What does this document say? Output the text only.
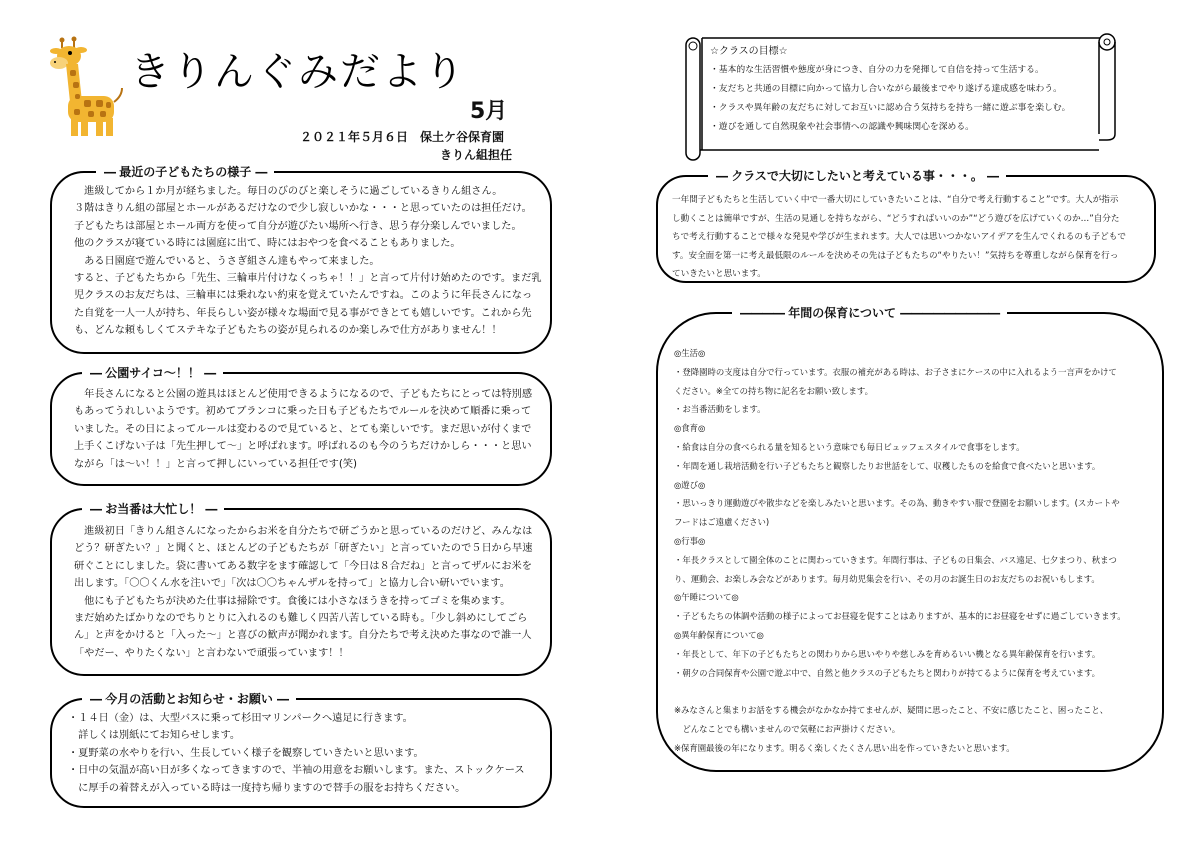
きりんぐみだより
5月
２０２１年５月６日　保土ケ谷保育園
きりん組担任
― 最近の子どもたちの様子 ―

　進級してから１か月が経ちました。毎日のびのびと楽しそうに過ごしているきりん組さん。

３階はきりん組の部屋とホールがあるだけなので少し寂しいかな・・・と思っていたのは担任だけ。

子どもたちは部屋とホール両方を使って自分が遊びたい場所へ行き、思う存分楽しんでいました。

他のクラスが寝ている時には園庭に出て、時にはおやつを食べることもありました。

　ある日園庭で遊んでいると、うさぎ組さん達もやって来ました。

すると、子どもたちから「先生、三輪車片付けなくっちゃ！！」と言って片付け始めたのです。まだ乳

児クラスのお友だちは、三輪車には乗れない約束を覚えていたんですね。このように年長さんになっ

た自覚を一人一人が持ち、年長らしい姿が様々な場面で見る事ができとても嬉しいです。これから先

も、どんな頼もしくてステキな子どもたちの姿が見られるのか楽しみで仕方がありません！！

― 公園サイコ～！！ ―

　年長さんになると公園の遊具はほとんど使用できるようになるので、子どもたちにとっては特別感

もあってうれしいようです。初めてブランコに乗った日も子どもたちでルールを決めて順番に乗って

いました。その日によってルールは変わるので見ていると、とても楽しいです。まだ思いが付くまで

上手くこげない子は「先生押して～」と呼ばれます。呼ばれるのも今のうちだけかしら・・・と思い

ながら「は～い！！」と言って押しにいっている担任です(笑)

― お当番は大忙し！ ―

　進級初日「きりん組さんになったからお米を自分たちで研ごうかと思っているのだけど、みんなは

どう？研ぎたい？」と聞くと、ほとんどの子どもたちが「研ぎたい」と言っていたので５日から早速

研ぐことにしました。袋に書いてある数字をます確認して「今日は８合だね」と言ってザルにお米を

出します。「〇〇くん水を注いで」「次は〇〇ちゃんザルを持って」と協力し合い研いでいます。

　他にも子どもたちが決めた仕事は掃除です。食後には小さなほうきを持ってゴミを集めます。

まだ始めたばかりなのでちりとりに入れるのも難しく四苦八苦している時も。「少し斜めにしてごら

ん」と声をかけると「入った～」と喜びの歓声が聞かれます。自分たちで考え決めた事なので誰一人

「やだー、やりたくない」と言わないで頑張っています！！

― 今月の活動とお知らせ・お願い ―

・１４日（金）は、大型バスに乗って杉田マリンパークへ遠足に行きます。

　詳しくは別紙にてお知らせします。

・夏野菜の水やりを行い、生長していく様子を観察していきたいと思います。

・日中の気温が高い日が多くなってきますので、半袖の用意をお願いします。また、ストックケース

　に厚手の着替えが入っている時は一度持ち帰りますので替手の服をお持ちください。

☆クラスの目標☆

・基本的な生活習慣や態度が身につき、自分の力を発揮して自信を持って生活する。

・友だちと共通の目標に向かって協力し合いながら最後までやり遂げる達成感を味わう。

・クラスや異年齢の友だちに対してお互いに認め合う気持ちを持ち一緒に遊ぶ事を楽しむ。

・遊びを通して自然現象や社会事情への認識や興味関心を深める。

― クラスで大切にしたいと考えている事・・・。 ―

一年間子どもたちと生活していく中で一番大切にしていきたいことは、“自分で考え行動すること”です。大人が指示

し動くことは簡単ですが、生活の見通しを持ちながら、“どうすればいいのか”“どう遊びを広げていくのか…”自分た

ちで考え行動することで様々な発見や学びが生まれます。大人では思いつかないアイデアを生んでくれるのも子どもで

す。安全面を第一に考え最低限のルールを決めその先は子どもたちの“やりたい！”気持ちを尊重しながら保育を行っ

ていきたいと思います。

―――― 年間の保育について ―――――――――

◎生活◎

・登降園時の支度は自分で行っています。衣服の補充がある時は、お子さまにケースの中に入れるよう一言声をかけて

ください。※全ての持ち物に記名をお願い致します。

・お当番活動をします。

◎食育◎

・給食は自分の食べられる量を知るという意味でも毎日ビュッフェスタイルで食事をします。

・年間を通し栽培活動を行い子どもたちと観察したりお世話をして、収穫したものを給食で食べたいと思います。

◎遊び◎

・思いっきり運動遊びや散歩などを楽しみたいと思います。その為、動きやすい服で登園をお願いします。(スカートや

フードはご遠慮ください)

◎行事◎

・年長クラスとして園全体のことに関わっていきます。年間行事は、子どもの日集会、バス遠足、七夕まつり、秋まつ

り、運動会、お楽しみ会などがあります。毎月幼児集会を行い、その月のお誕生日のお友だちのお祝いもします。

◎午睡について◎

・子どもたちの体調や活動の様子によってお昼寝を促すことはありますが、基本的にお昼寝をせずに過ごしていきます。

◎異年齢保育について◎

・年長として、年下の子どもたちとの関わりから思いやりや慈しみを育めるいい機となる異年齢保育を行います。

・朝夕の合同保育や公園で遊ぶ中で、自然と他クラスの子どもたちと関わりが持てるように保育を考えています。

※みなさんと集まりお話をする機会がなかなか持てませんが、疑問に思ったこと、不安に感じたこと、困ったこと、

　どんなことでも構いませんので気軽にお声掛けください。

※保育園最後の年になります。明るく楽しくたくさん思い出を作っていきたいと思います。
